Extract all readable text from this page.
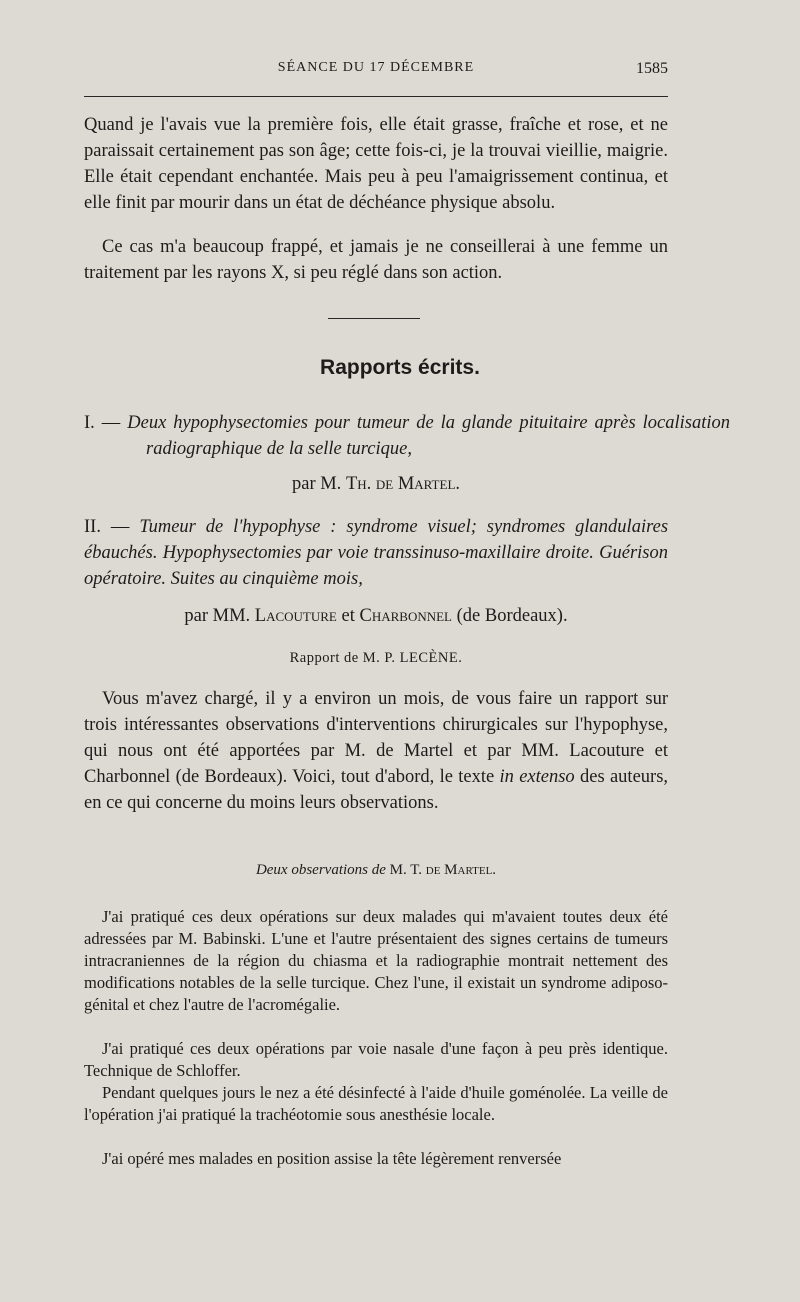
SÉANCE DU 17 DÉCEMBRE	1585

Quand je l'avais vue la première fois, elle était grasse, fraîche et rose, et ne paraissait certainement pas son âge; cette fois-ci, je la trouvai vieillie, maigrie. Elle était cependant enchantée. Mais peu à peu l'amaigrissement continua, et elle finit par mourir dans un état de déchéance physique absolu.

Ce cas m'a beaucoup frappé, et jamais je ne conseillerai à une femme un traitement par les rayons X, si peu réglé dans son action.

Rapports écrits.

I. — Deux hypophysectomies pour tumeur de la glande pituitaire après localisation radiographique de la selle turcique,

par M. Th. de Martel.

II. — Tumeur de l'hypophyse : syndrome visuel; syndromes glandulaires ébauchés. Hypophysectomies par voie transsinuso-maxillaire droite. Guérison opératoire. Suites au cinquième mois,

par MM. Lacouture et Charbonnel (de Bordeaux).
Rapport de M. P. LECÈNE.

Vous m'avez chargé, il y a environ un mois, de vous faire un rapport sur trois intéressantes observations d'interventions chirurgicales sur l'hypophyse, qui nous ont été apportées par M. de Martel et par MM. Lacouture et Charbonnel (de Bordeaux). Voici, tout d'abord, le texte in extenso des auteurs, en ce qui concerne du moins leurs observations.

Deux observations de M. T. de Martel.

J'ai pratiqué ces deux opérations sur deux malades qui m'avaient toutes deux été adressées par M. Babinski. L'une et l'autre présentaient des signes certains de tumeurs intracraniennes de la région du chiasma et la radiographie montrait nettement des modifications notables de la selle turcique. Chez l'une, il existait un syndrome adiposo-génital et chez l'autre de l'acromégalie.

J'ai pratiqué ces deux opérations par voie nasale d'une façon à peu près identique. Technique de Schloffer.

Pendant quelques jours le nez a été désinfecté à l'aide d'huile goménolée. La veille de l'opération j'ai pratiqué la trachéotomie sous anesthésie locale.

J'ai opéré mes malades en position assise la tête légèrement renversée
